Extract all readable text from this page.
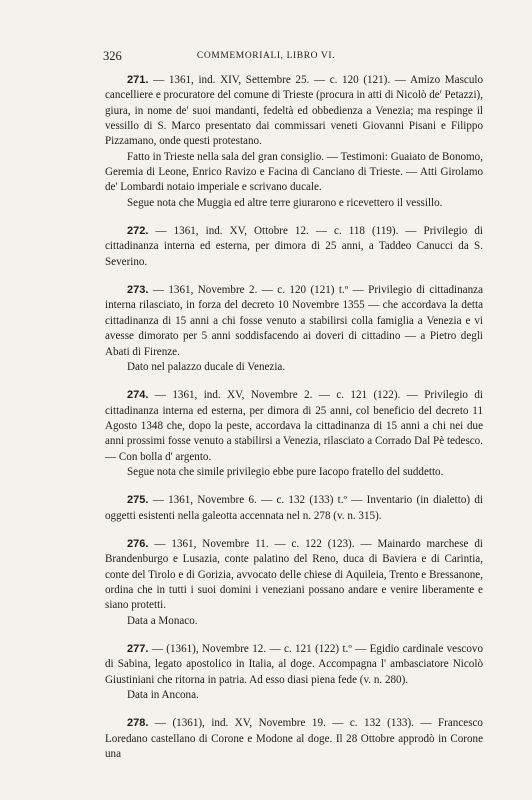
326	COMMEMORIALI, LIBRO VI.

271. — 1361, ind. XIV, Settembre 25. — c. 120 (121). — Amizo Masculo cancelliere e procuratore del comune di Trieste (procura in atti di Nicolò de' Petazzi), giura, in nome de' suoi mandanti, fedeltà ed obbedienza a Venezia; ma respinge il vessillo di S. Marco presentato dai commissari veneti Giovanni Pisani e Filippo Pizzamano, onde questi protestano.

Fatto in Trieste nella sala del gran consiglio. — Testimoni: Guaiato de Bonomo, Geremia di Leone, Enrico Ravizo e Facina di Canciano di Trieste. — Atti Girolamo de' Lombardi notaio imperiale e scrivano ducale.

Segue nota che Muggia ed altre terre giurarono e ricevettero il vessillo.

272. — 1361, ind. XV, Ottobre 12. — c. 118 (119). — Privilegio di cittadinanza interna ed esterna, per dimora di 25 anni, a Taddeo Canucci da S. Severino.

273. — 1361, Novembre 2. — c. 120 (121) t.º — Privilegio di cittadinanza interna rilasciato, in forza del decreto 10 Novembre 1355 — che accordava la detta cittadinanza di 15 anni a chi fosse venuto a stabilirsi colla famiglia a Venezia e vi avesse dimorato per 5 anni soddisfacendo ai doveri di cittadino — a Pietro degli Abati di Firenze.

Dato nel palazzo ducale di Venezia.

274. — 1361, ind. XV, Novembre 2. — c. 121 (122). — Privilegio di cittadinanza interna ed esterna, per dimora di 25 anni, col beneficio del decreto 11 Agosto 1348 che, dopo la peste, accordava la cittadinanza di 15 anni a chi nei due anni prossimi fosse venuto a stabilirsi a Venezia, rilasciato a Corrado Dal Pè tedesco. — Con bolla d' argento.

Segue nota che simile privilegio ebbe pure Iacopo fratello del suddetto.

275. — 1361, Novembre 6. — c. 132 (133) t.º — Inventario (in dialetto) di oggetti esistenti nella galeotta accennata nel n. 278 (v. n. 315).

276. — 1361, Novembre 11. — c. 122 (123). — Mainardo marchese di Brandenburgo e Lusazia, conte palatino del Reno, duca di Baviera e di Carintia, conte del Tirolo e di Gorizia, avvocato delle chiese di Aquileia, Trento e Bressanone, ordina che in tutti i suoi domini i veneziani possano andare e venire liberamente e siano protetti.

Data a Monaco.

277. — (1361), Novembre 12. — c. 121 (122) t.º — Egidio cardinale vescovo di Sabina, legato apostolico in Italia, al doge. Accompagna l' ambasciatore Nicolò Giustiniani che ritorna in patria. Ad esso diasi piena fede (v. n. 280).

Data in Ancona.

278. — (1361), ind. XV, Novembre 19. — c. 132 (133). — Francesco Loredano castellano di Corone e Modone al doge. Il 28 Ottobre approdò in Corone una
